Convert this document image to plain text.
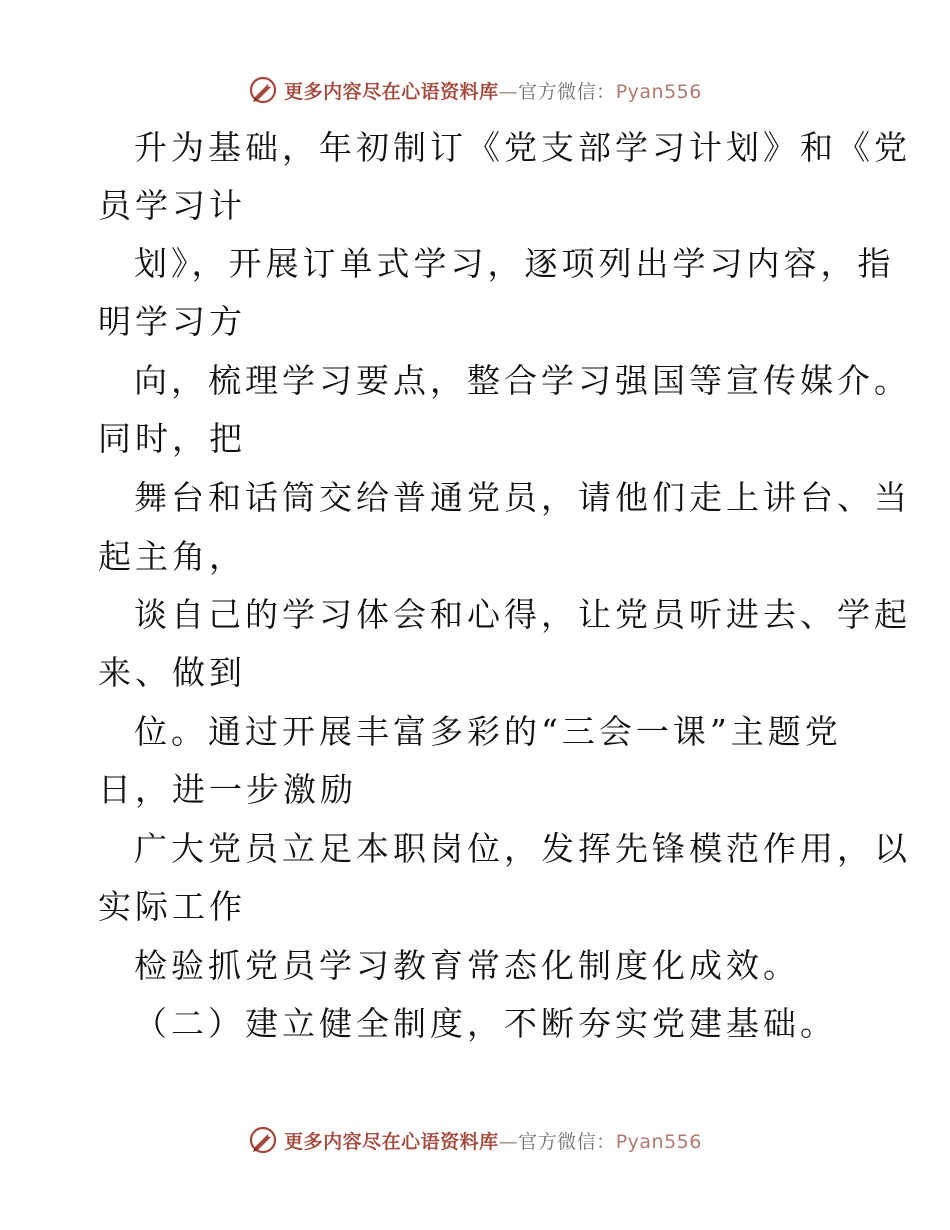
更多内容尽在心语资料库—官方微信：Pyan556
升为基础，年初制订《党支部学习计划》和《党
员学习计
划》，开展订单式学习，逐项列出学习内容，指
明学习方
向，梳理学习要点，整合学习强国等宣传媒介。
同时，把
舞台和话筒交给普通党员，请他们走上讲台、当
起主角，
谈自己的学习体会和心得，让党员听进去、学起
来、做到
位。通过开展丰富多彩的“三会一课”主题党
日，进一步激励
广大党员立足本职岗位，发挥先锋模范作用，以
实际工作
检验抓党员学习教育常态化制度化成效。
（二）建立健全制度，不断夯实党建基础。
更多内容尽在心语资料库—官方微信：Pyan556
